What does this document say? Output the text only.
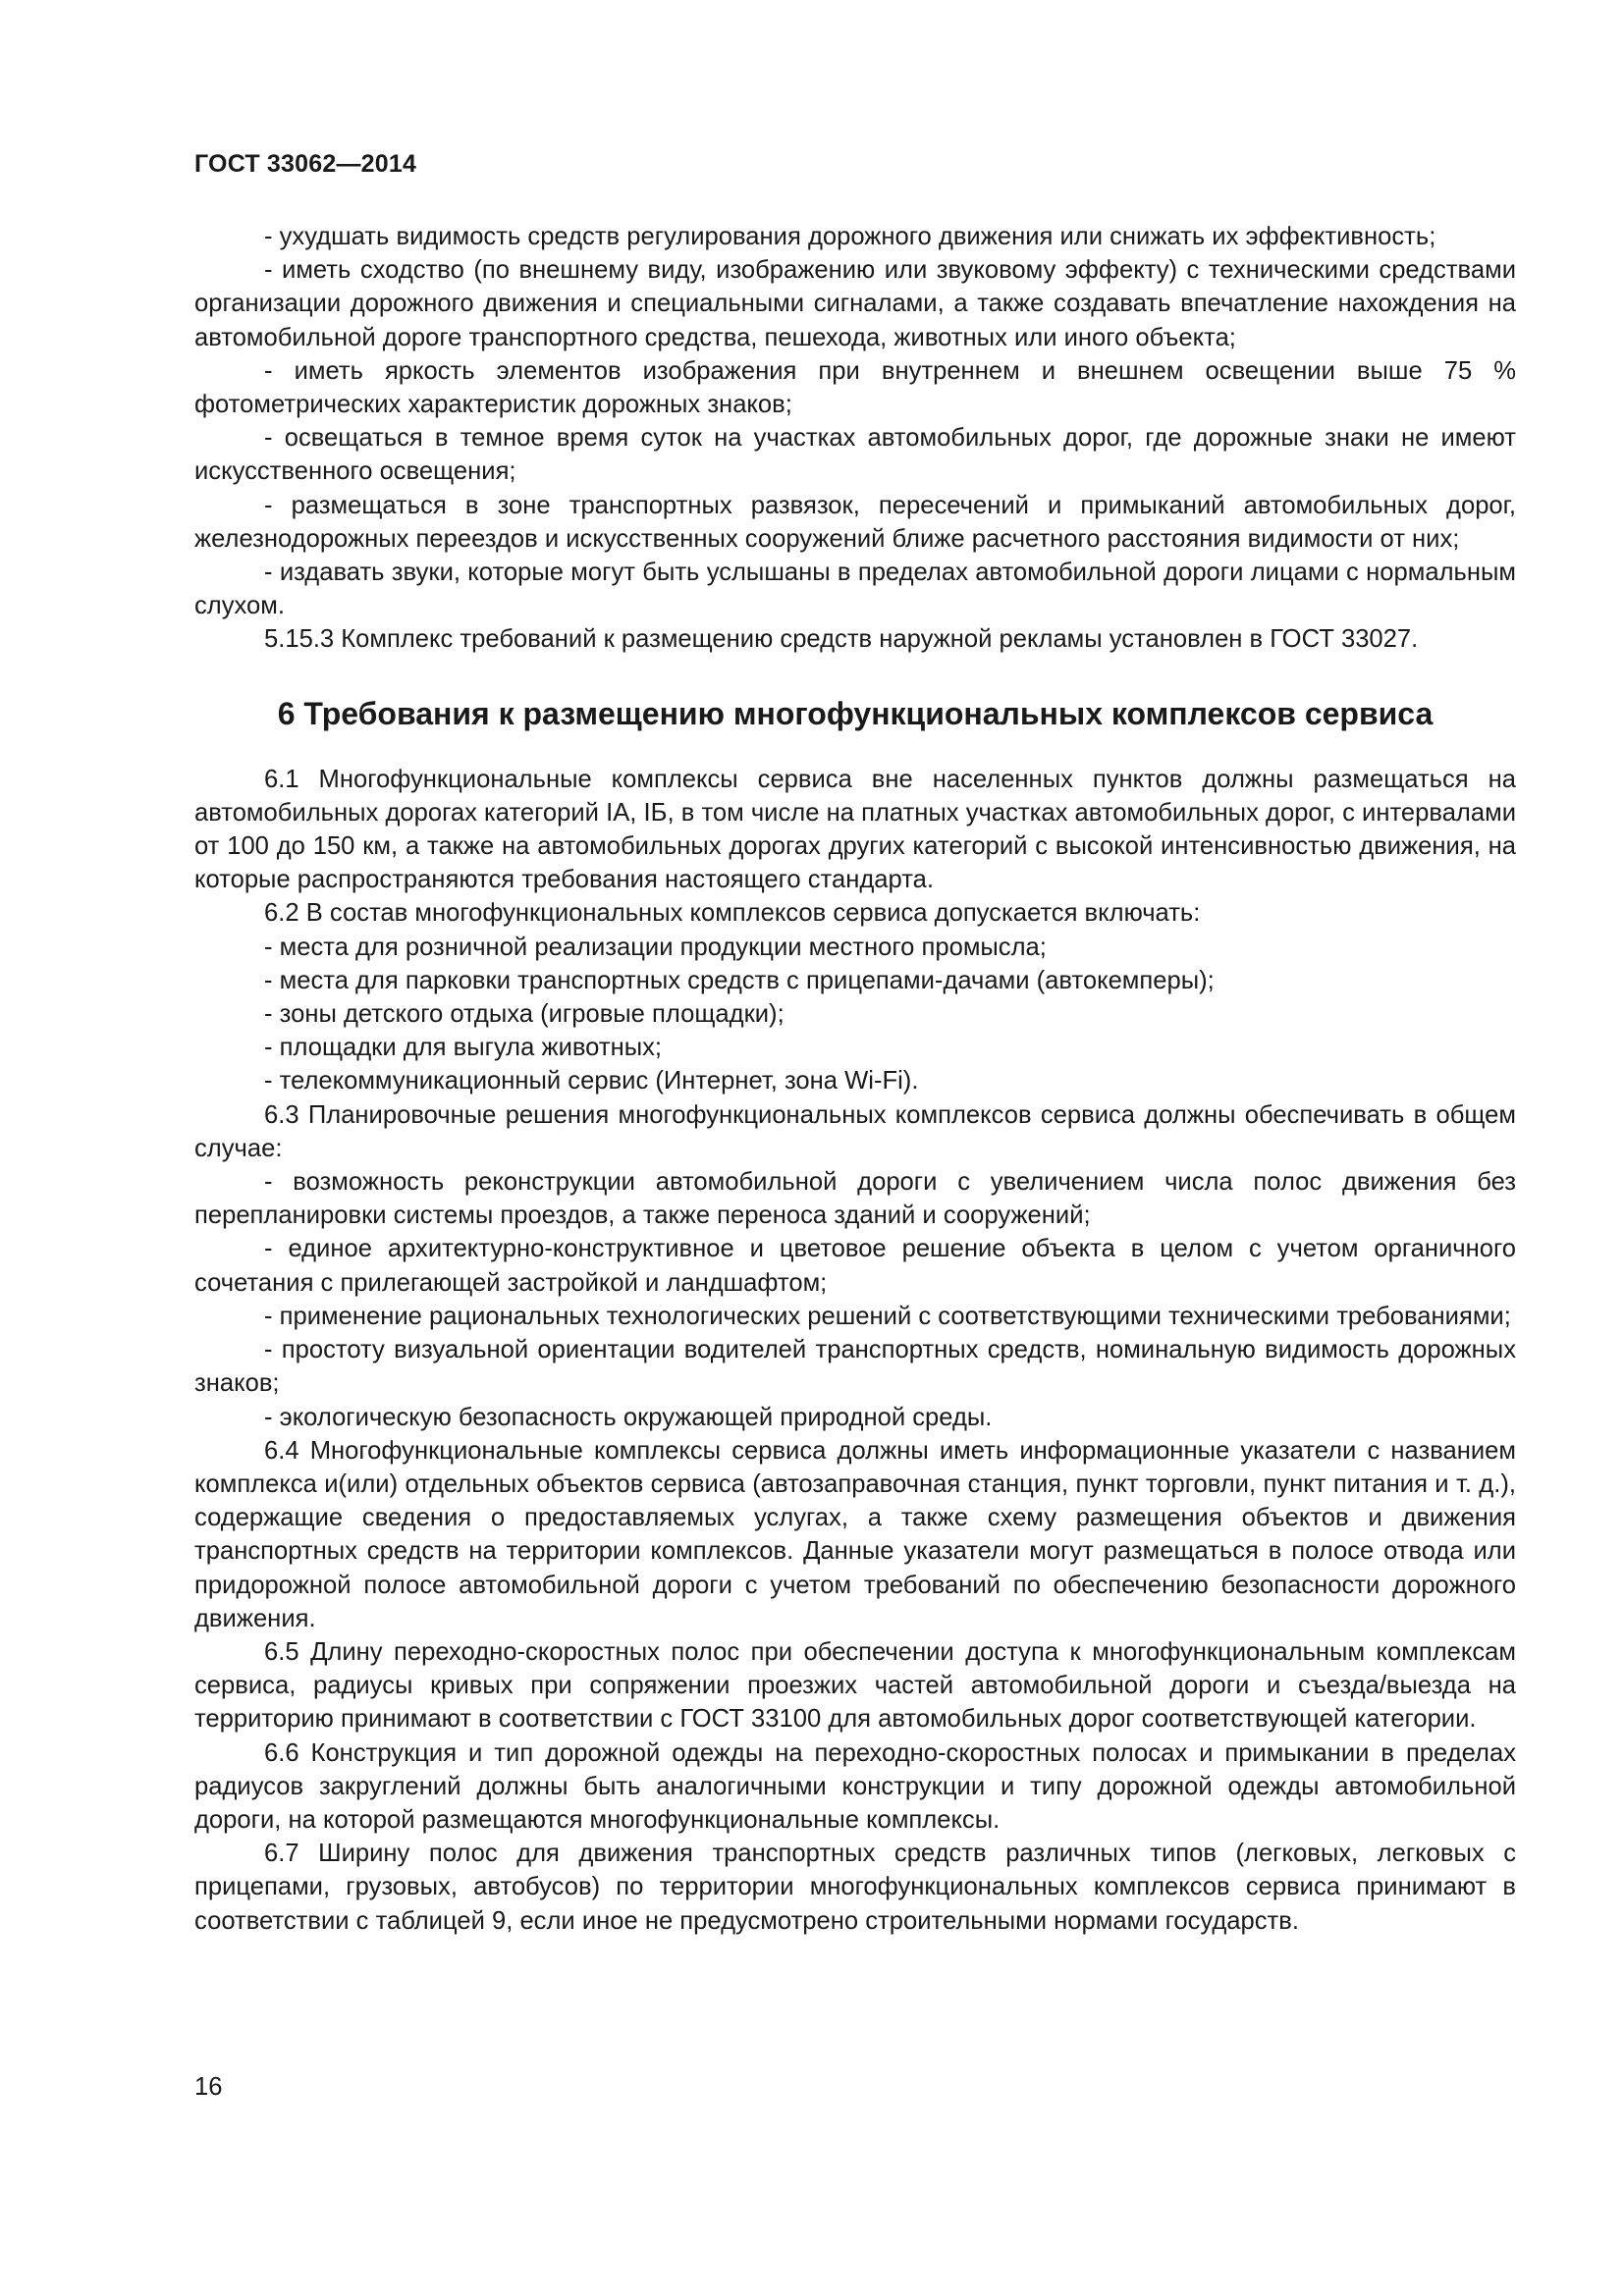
ГОСТ 33062—2014

- ухудшать видимость средств регулирования дорожного движения или снижать их эффективность;

- иметь сходство (по внешнему виду, изображению или звуковому эффекту) с техническими средствами организации дорожного движения и специальными сигналами, а также создавать впечатление нахождения на автомобильной дороге транспортного средства, пешехода, животных или иного объекта;

- иметь яркость элементов изображения при внутреннем и внешнем освещении выше 75 % фотометрических характеристик дорожных знаков;

- освещаться в темное время суток на участках автомобильных дорог, где дорожные знаки не имеют искусственного освещения;

- размещаться в зоне транспортных развязок, пересечений и примыканий автомобильных дорог, железнодорожных переездов и искусственных сооружений ближе расчетного расстояния видимости от них;

- издавать звуки, которые могут быть услышаны в пределах автомобильной дороги лицами с нормальным слухом.

5.15.3 Комплекс требований к размещению средств наружной рекламы установлен в ГОСТ 33027.

6 Требования к размещению многофункциональных комплексов сервиса

6.1 Многофункциональные комплексы сервиса вне населенных пунктов должны размещаться на автомобильных дорогах категорий IA, IБ, в том числе на платных участках автомобильных дорог, с интервалами от 100 до 150 км, а также на автомобильных дорогах других категорий с высокой интенсивностью движения, на которые распространяются требования настоящего стандарта.

6.2 В состав многофункциональных комплексов сервиса допускается включать:

- места для розничной реализации продукции местного промысла;

- места для парковки транспортных средств с прицепами-дачами (автокемперы);

- зоны детского отдыха (игровые площадки);

- площадки для выгула животных;

- телекоммуникационный сервис (Интернет, зона Wi-Fi).

6.3 Планировочные решения многофункциональных комплексов сервиса должны обеспечивать в общем случае:

- возможность реконструкции автомобильной дороги с увеличением числа полос движения без перепланировки системы проездов, а также переноса зданий и сооружений;

- единое архитектурно-конструктивное и цветовое решение объекта в целом с учетом органичного сочетания с прилегающей застройкой и ландшафтом;

- применение рациональных технологических решений с соответствующими техническими требованиями;

- простоту визуальной ориентации водителей транспортных средств, номинальную видимость дорожных знаков;

- экологическую безопасность окружающей природной среды.

6.4 Многофункциональные комплексы сервиса должны иметь информационные указатели с названием комплекса и(или) отдельных объектов сервиса (автозаправочная станция, пункт торговли, пункт питания и т. д.), содержащие сведения о предоставляемых услугах, а также схему размещения объектов и движения транспортных средств на территории комплексов. Данные указатели могут размещаться в полосе отвода или придорожной полосе автомобильной дороги с учетом требований по обеспечению безопасности дорожного движения.

6.5 Длину переходно-скоростных полос при обеспечении доступа к многофункциональным комплексам сервиса, радиусы кривых при сопряжении проезжих частей автомобильной дороги и съезда/выезда на территорию принимают в соответствии с ГОСТ 33100 для автомобильных дорог соответствующей категории.

6.6 Конструкция и тип дорожной одежды на переходно-скоростных полосах и примыкании в пределах радиусов закруглений должны быть аналогичными конструкции и типу дорожной одежды автомобильной дороги, на которой размещаются многофункциональные комплексы.

6.7 Ширину полос для движения транспортных средств различных типов (легковых, легковых с прицепами, грузовых, автобусов) по территории многофункциональных комплексов сервиса принимают в соответствии с таблицей 9, если иное не предусмотрено строительными нормами государств.

16
